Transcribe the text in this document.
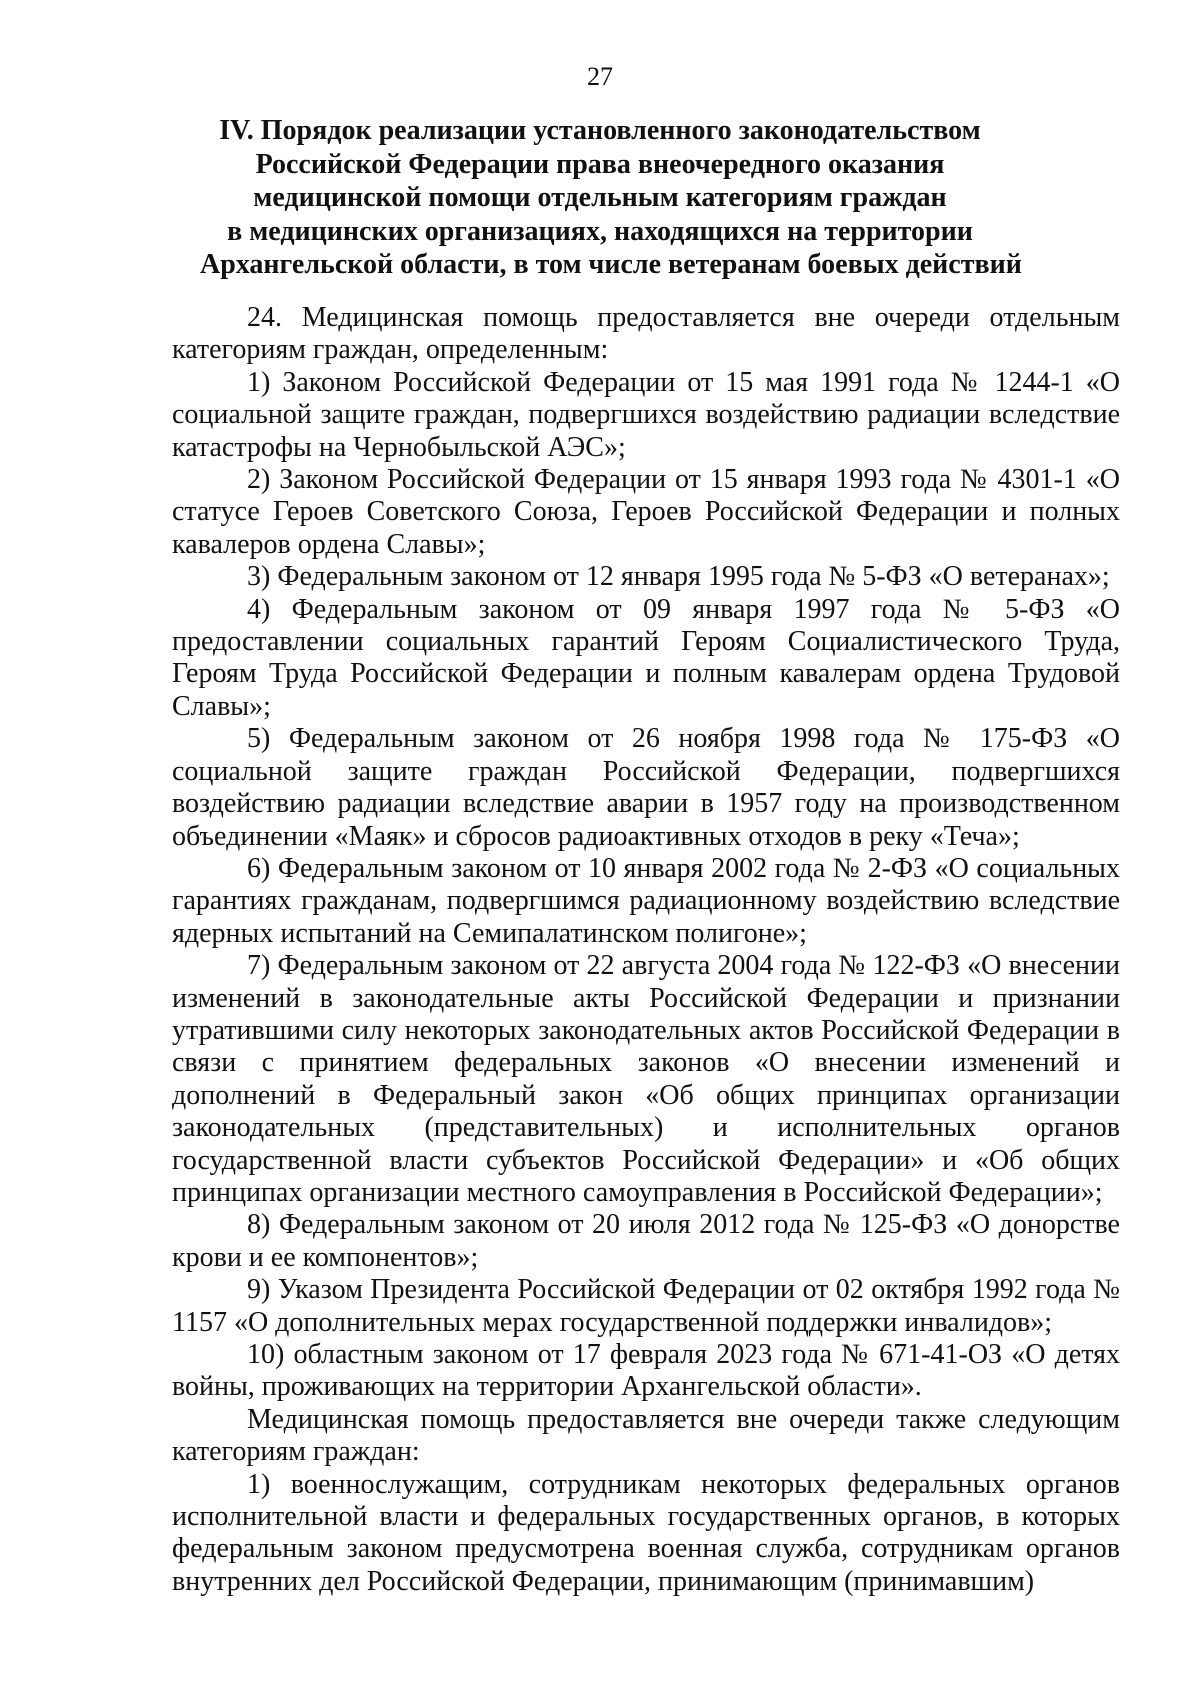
27
IV. Порядок реализации установленного законодательством
Российской Федерации права внеочередного оказания
медицинской помощи отдельным категориям граждан
в медицинских организациях, находящихся на территории
Архангельской области, в том числе ветеранам боевых действий

24. Медицинская помощь предоставляется вне очереди отдельным категориям граждан, определенным:

1) Законом Российской Федерации от 15 мая 1991 года № 1244-1 «О социальной защите граждан, подвергшихся воздействию радиации вследствие катастрофы на Чернобыльской АЭС»;

2) Законом Российской Федерации от 15 января 1993 года № 4301-1 «О статусе Героев Советского Союза, Героев Российской Федерации и полных кавалеров ордена Славы»;

3) Федеральным законом от 12 января 1995 года № 5-ФЗ «О ветеранах»;

4) Федеральным законом от 09 января 1997 года № 5-ФЗ «О предоставлении социальных гарантий Героям Социалистического Труда, Героям Труда Российской Федерации и полным кавалерам ордена Трудовой Славы»;

5) Федеральным законом от 26 ноября 1998 года № 175-ФЗ «О социальной защите граждан Российской Федерации, подвергшихся воздействию радиации вследствие аварии в 1957 году на производственном объединении «Маяк» и сбросов радиоактивных отходов в реку «Теча»;

6) Федеральным законом от 10 января 2002 года № 2-ФЗ «О социальных гарантиях гражданам, подвергшимся радиационному воздействию вследствие ядерных испытаний на Семипалатинском полигоне»;

7) Федеральным законом от 22 августа 2004 года № 122-ФЗ «О внесении изменений в законодательные акты Российской Федерации и признании утратившими силу некоторых законодательных актов Российской Федерации в связи с принятием федеральных законов «О внесении изменений и дополнений в Федеральный закон «Об общих принципах организации законодательных (представительных) и исполнительных органов государственной власти субъектов Российской Федерации» и «Об общих принципах организации местного самоуправления в Российской Федерации»;

8) Федеральным законом от 20 июля 2012 года № 125-ФЗ «О донорстве крови и ее компонентов»;

9) Указом Президента Российской Федерации от 02 октября 1992 года № 1157 «О дополнительных мерах государственной поддержки инвалидов»;

10) областным законом от 17 февраля 2023 года № 671-41-ОЗ «О детях войны, проживающих на территории Архангельской области».

Медицинская помощь предоставляется вне очереди также следующим категориям граждан:

1) военнослужащим, сотрудникам некоторых федеральных органов исполнительной власти и федеральных государственных органов, в которых федеральным законом предусмотрена военная служба, сотрудникам органов внутренних дел Российской Федерации, принимающим (принимавшим)
